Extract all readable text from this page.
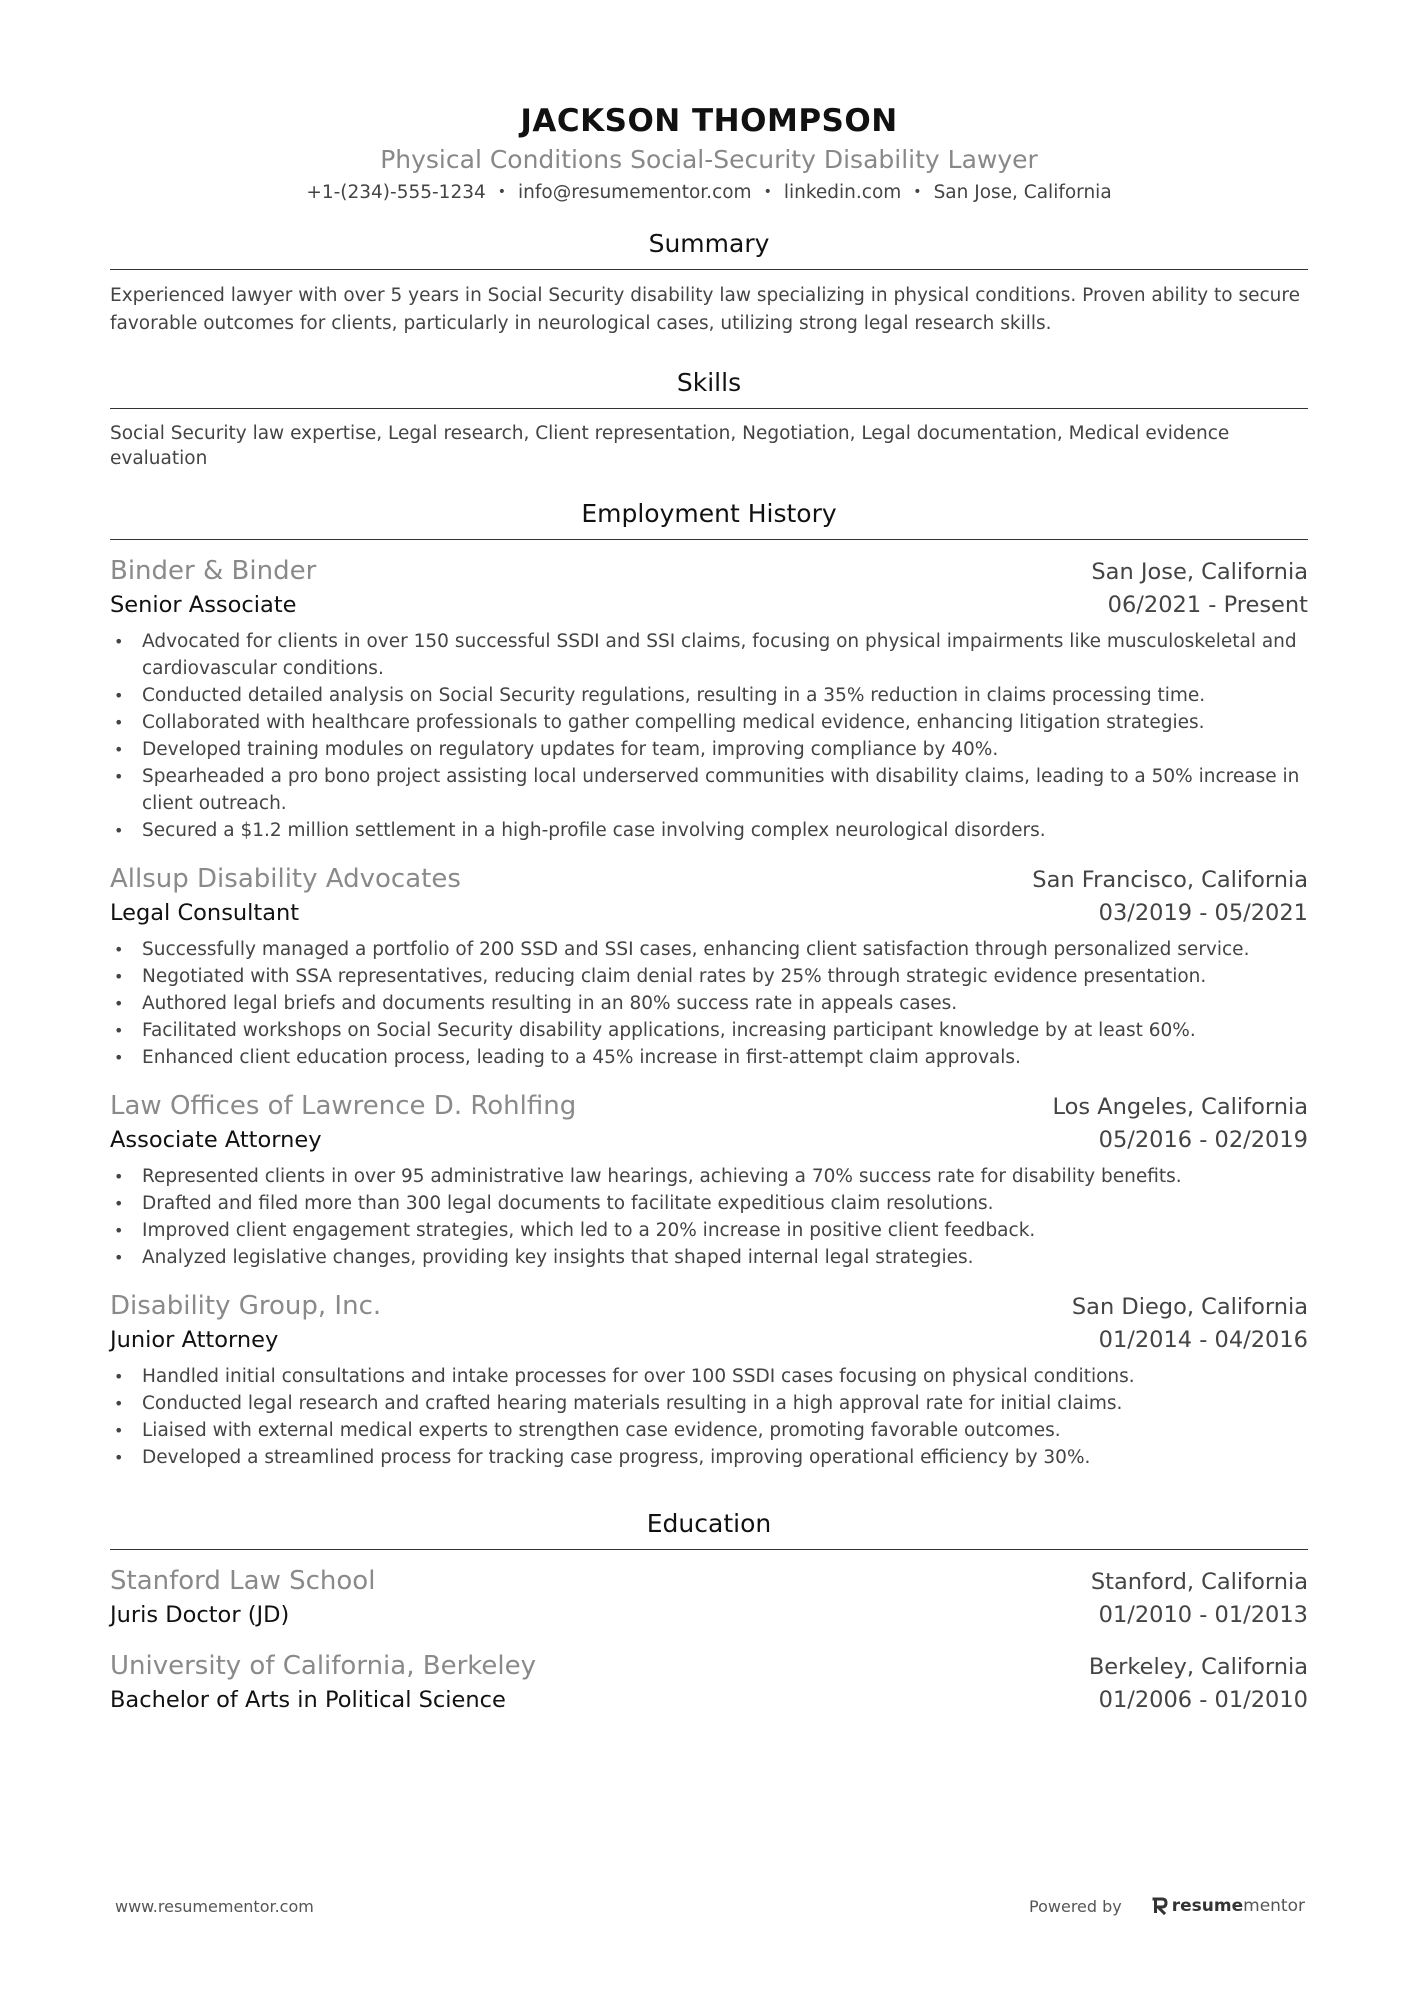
JACKSON THOMPSON
Physical Conditions Social-Security Disability Lawyer
+1-(234)-555-1234 • info@resumementor.com • linkedin.com • San Jose, California
Summary
Experienced lawyer with over 5 years in Social Security disability law specializing in physical conditions. Proven ability to secure favorable outcomes for clients, particularly in neurological cases, utilizing strong legal research skills.
Skills
Social Security law expertise, Legal research, Client representation, Negotiation, Legal documentation, Medical evidence evaluation
Employment History
Binder & Binder	San Jose, California
Senior Associate	06/2021 - Present
• Advocated for clients in over 150 successful SSDI and SSI claims, focusing on physical impairments like musculoskeletal and cardiovascular conditions.
• Conducted detailed analysis on Social Security regulations, resulting in a 35% reduction in claims processing time.
• Collaborated with healthcare professionals to gather compelling medical evidence, enhancing litigation strategies.
• Developed training modules on regulatory updates for team, improving compliance by 40%.
• Spearheaded a pro bono project assisting local underserved communities with disability claims, leading to a 50% increase in client outreach.
• Secured a $1.2 million settlement in a high-profile case involving complex neurological disorders.
Allsup Disability Advocates	San Francisco, California
Legal Consultant	03/2019 - 05/2021
• Successfully managed a portfolio of 200 SSD and SSI cases, enhancing client satisfaction through personalized service.
• Negotiated with SSA representatives, reducing claim denial rates by 25% through strategic evidence presentation.
• Authored legal briefs and documents resulting in an 80% success rate in appeals cases.
• Facilitated workshops on Social Security disability applications, increasing participant knowledge by at least 60%.
• Enhanced client education process, leading to a 45% increase in first-attempt claim approvals.
Law Offices of Lawrence D. Rohlfing	Los Angeles, California
Associate Attorney	05/2016 - 02/2019
• Represented clients in over 95 administrative law hearings, achieving a 70% success rate for disability benefits.
• Drafted and filed more than 300 legal documents to facilitate expeditious claim resolutions.
• Improved client engagement strategies, which led to a 20% increase in positive client feedback.
• Analyzed legislative changes, providing key insights that shaped internal legal strategies.
Disability Group, Inc.	San Diego, California
Junior Attorney	01/2014 - 04/2016
• Handled initial consultations and intake processes for over 100 SSDI cases focusing on physical conditions.
• Conducted legal research and crafted hearing materials resulting in a high approval rate for initial claims.
• Liaised with external medical experts to strengthen case evidence, promoting favorable outcomes.
• Developed a streamlined process for tracking case progress, improving operational efficiency by 30%.
Education
Stanford Law School	Stanford, California
Juris Doctor (JD)	01/2010 - 01/2013
University of California, Berkeley	Berkeley, California
Bachelor of Arts in Political Science	01/2006 - 01/2010
www.resumementor.com	Powered by	resume mentor
